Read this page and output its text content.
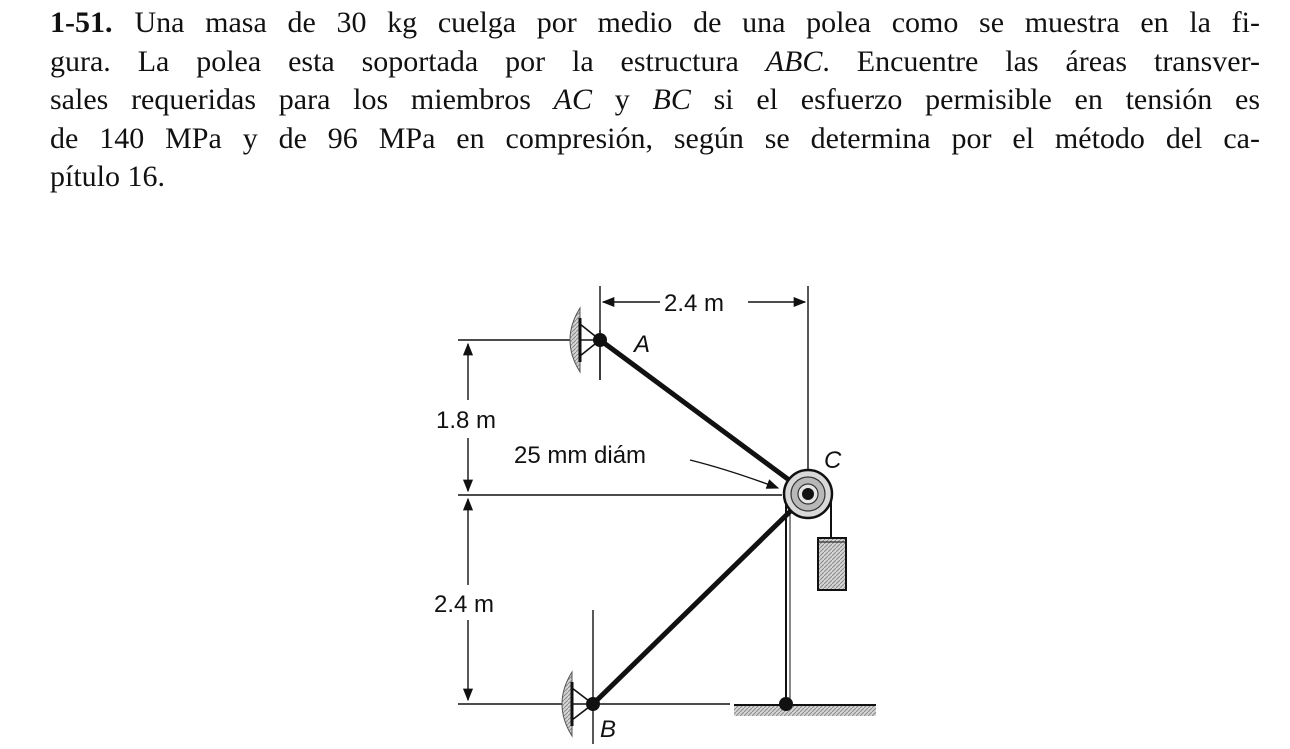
1-51. Una masa de 30 kg cuelga por medio de una polea como se muestra en la fi-
gura. La polea esta soportada por la estructura ABC. Encuentre las áreas transver-
sales requeridas para los miembros AC y BC si el esfuerzo permisible en tensión es
de 140 MPa y de 96 MPa en compresión, según se determina por el método del ca-
pítulo 16.
2.4 m
1.8 m
2.4 m
25 mm diám
A
C
B
